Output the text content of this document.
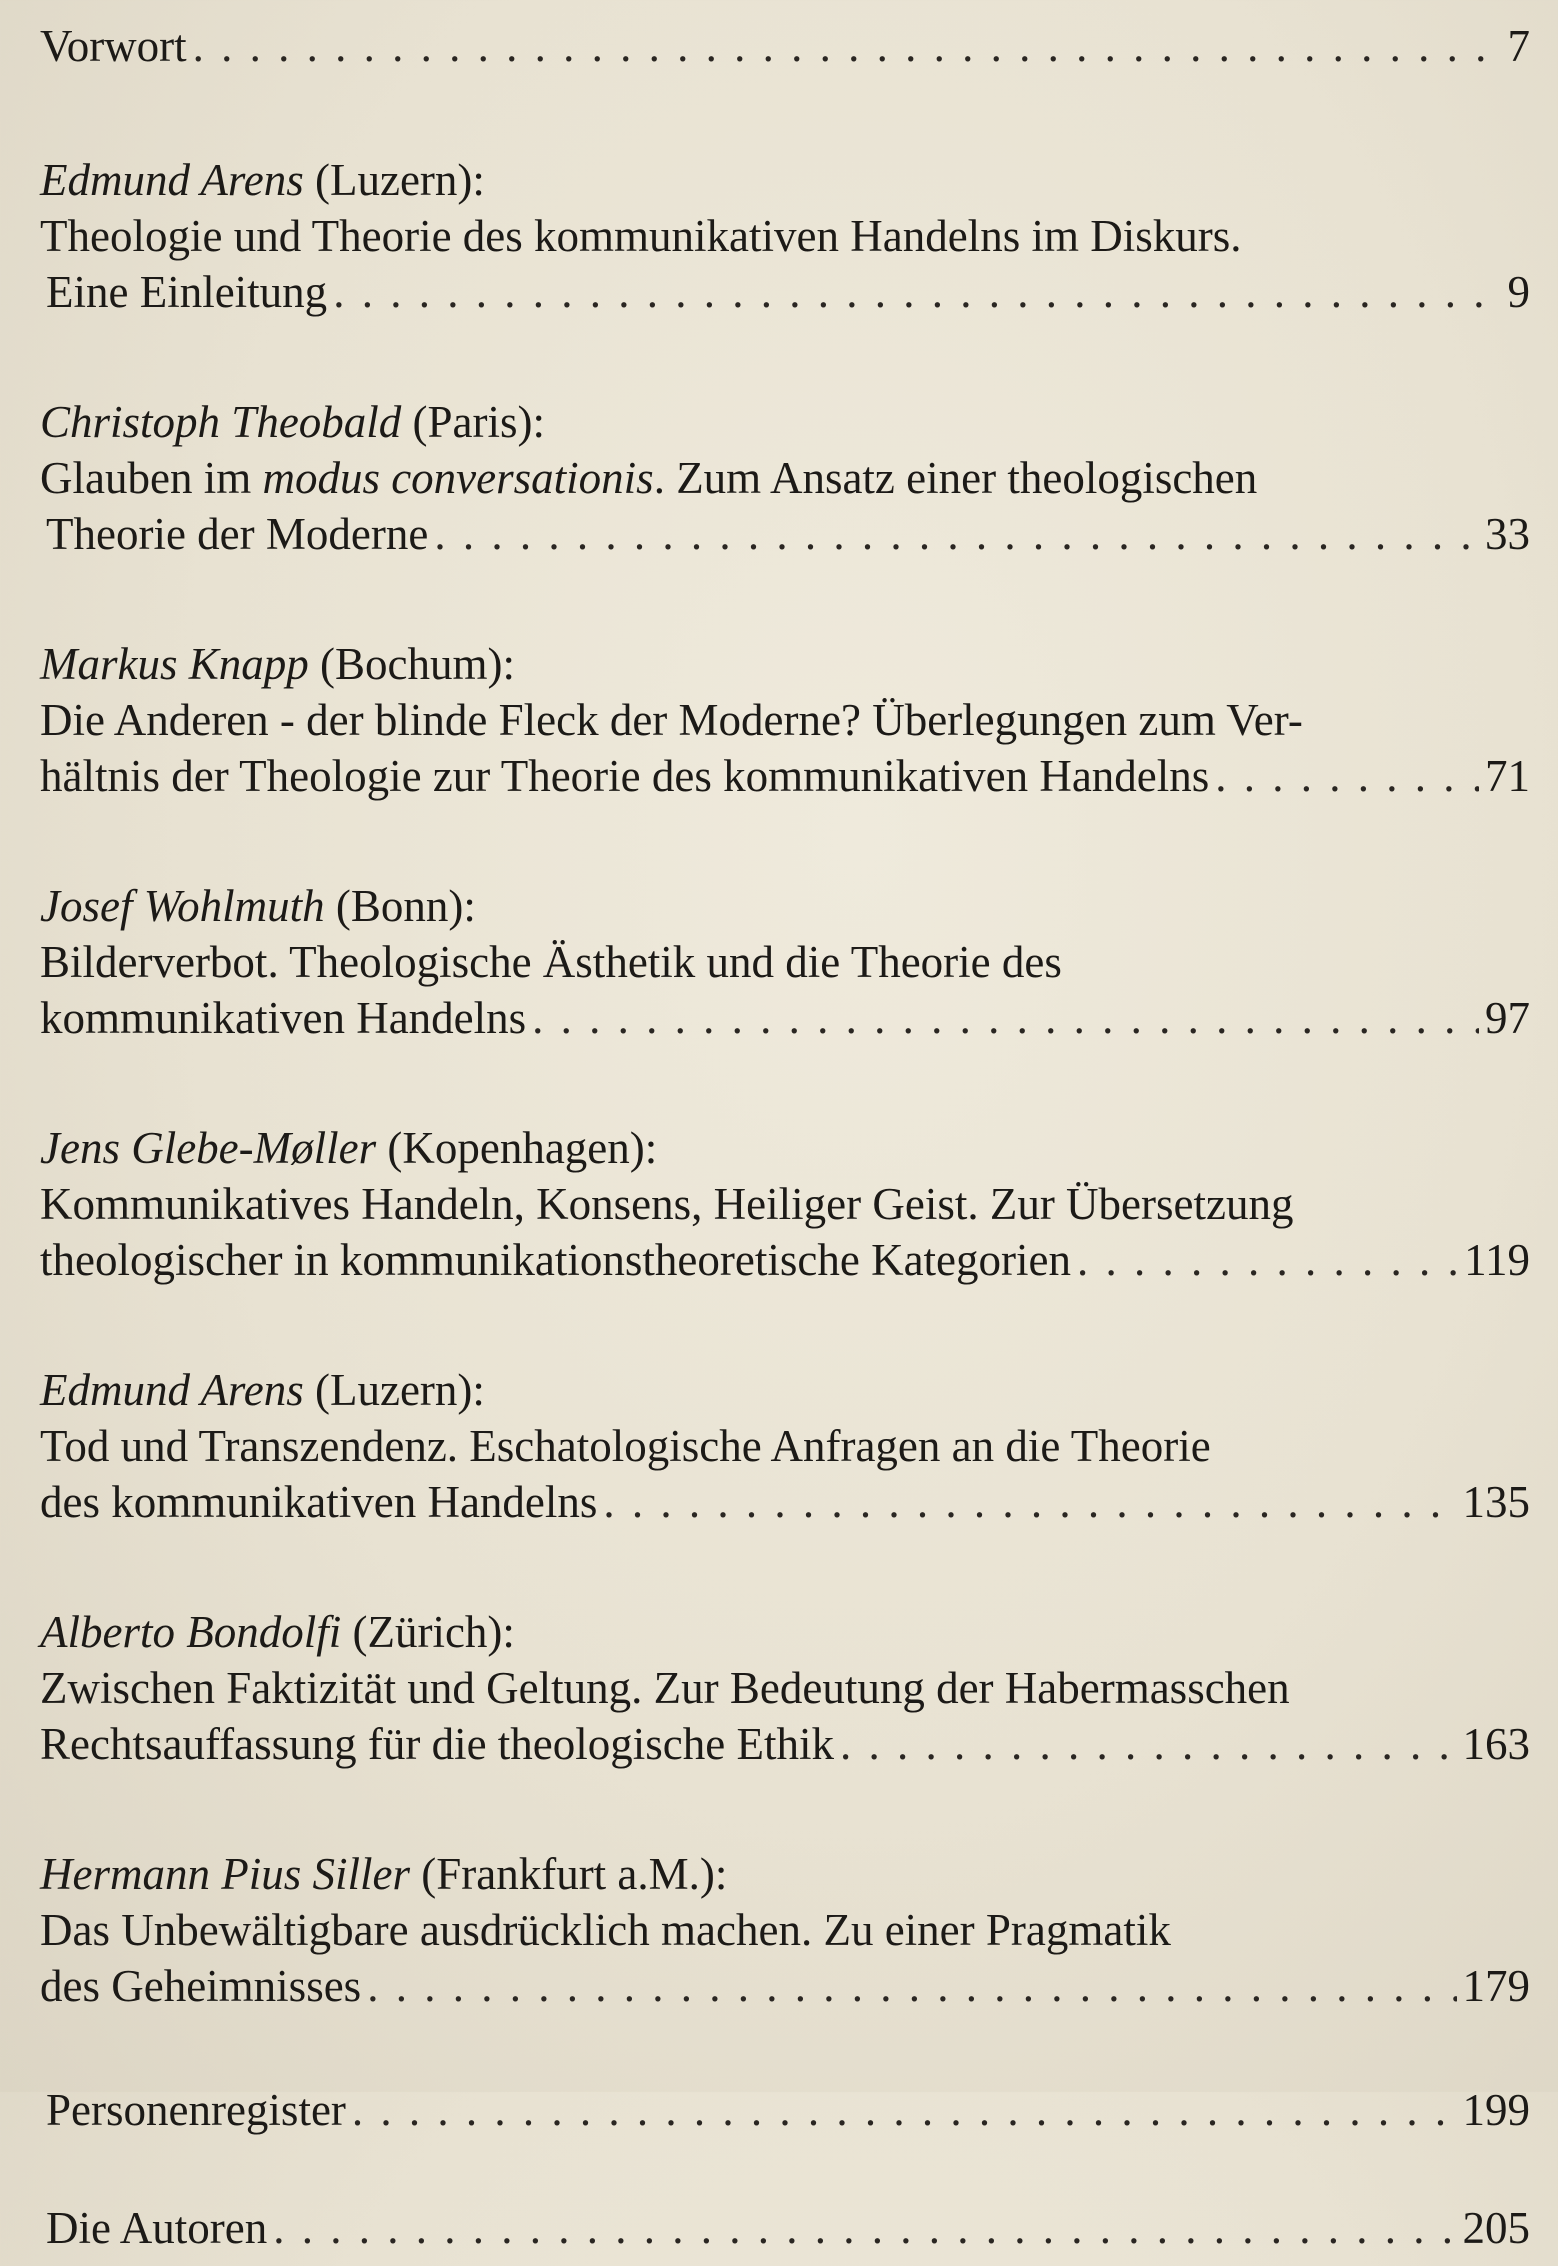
Vorwort . . .	7
Edmund Arens (Luzern):
Theologie und Theorie des kommunikativen Handelns im Diskurs.
Eine Einleitung . . .	9
Christoph Theobald (Paris):
Glauben im modus conversationis. Zum Ansatz einer theologischen
Theorie der Moderne . . .	33
Markus Knapp (Bochum):
Die Anderen - der blinde Fleck der Moderne? Überlegungen zum Ver-
hältnis der Theologie zur Theorie des kommunikativen Handelns . . .	71
Josef Wohlmuth (Bonn):
Bilderverbot. Theologische Ästhetik und die Theorie des
kommunikativen Handelns . . .	97
Jens Glebe-Møller (Kopenhagen):
Kommunikatives Handeln, Konsens, Heiliger Geist. Zur Übersetzung
theologischer in kommunikationstheoretische Kategorien . . .	119
Edmund Arens (Luzern):
Tod und Transzendenz. Eschatologische Anfragen an die Theorie
des kommunikativen Handelns . . .	135
Alberto Bondolfi (Zürich):
Zwischen Faktizität und Geltung. Zur Bedeutung der Habermasschen
Rechtsauffassung für die theologische Ethik . . .	163
Hermann Pius Siller (Frankfurt a.M.):
Das Unbewältigbare ausdrücklich machen. Zu einer Pragmatik
des Geheimnisses . . .	179
Personenregister . . .	199
Die Autoren . . .	205
